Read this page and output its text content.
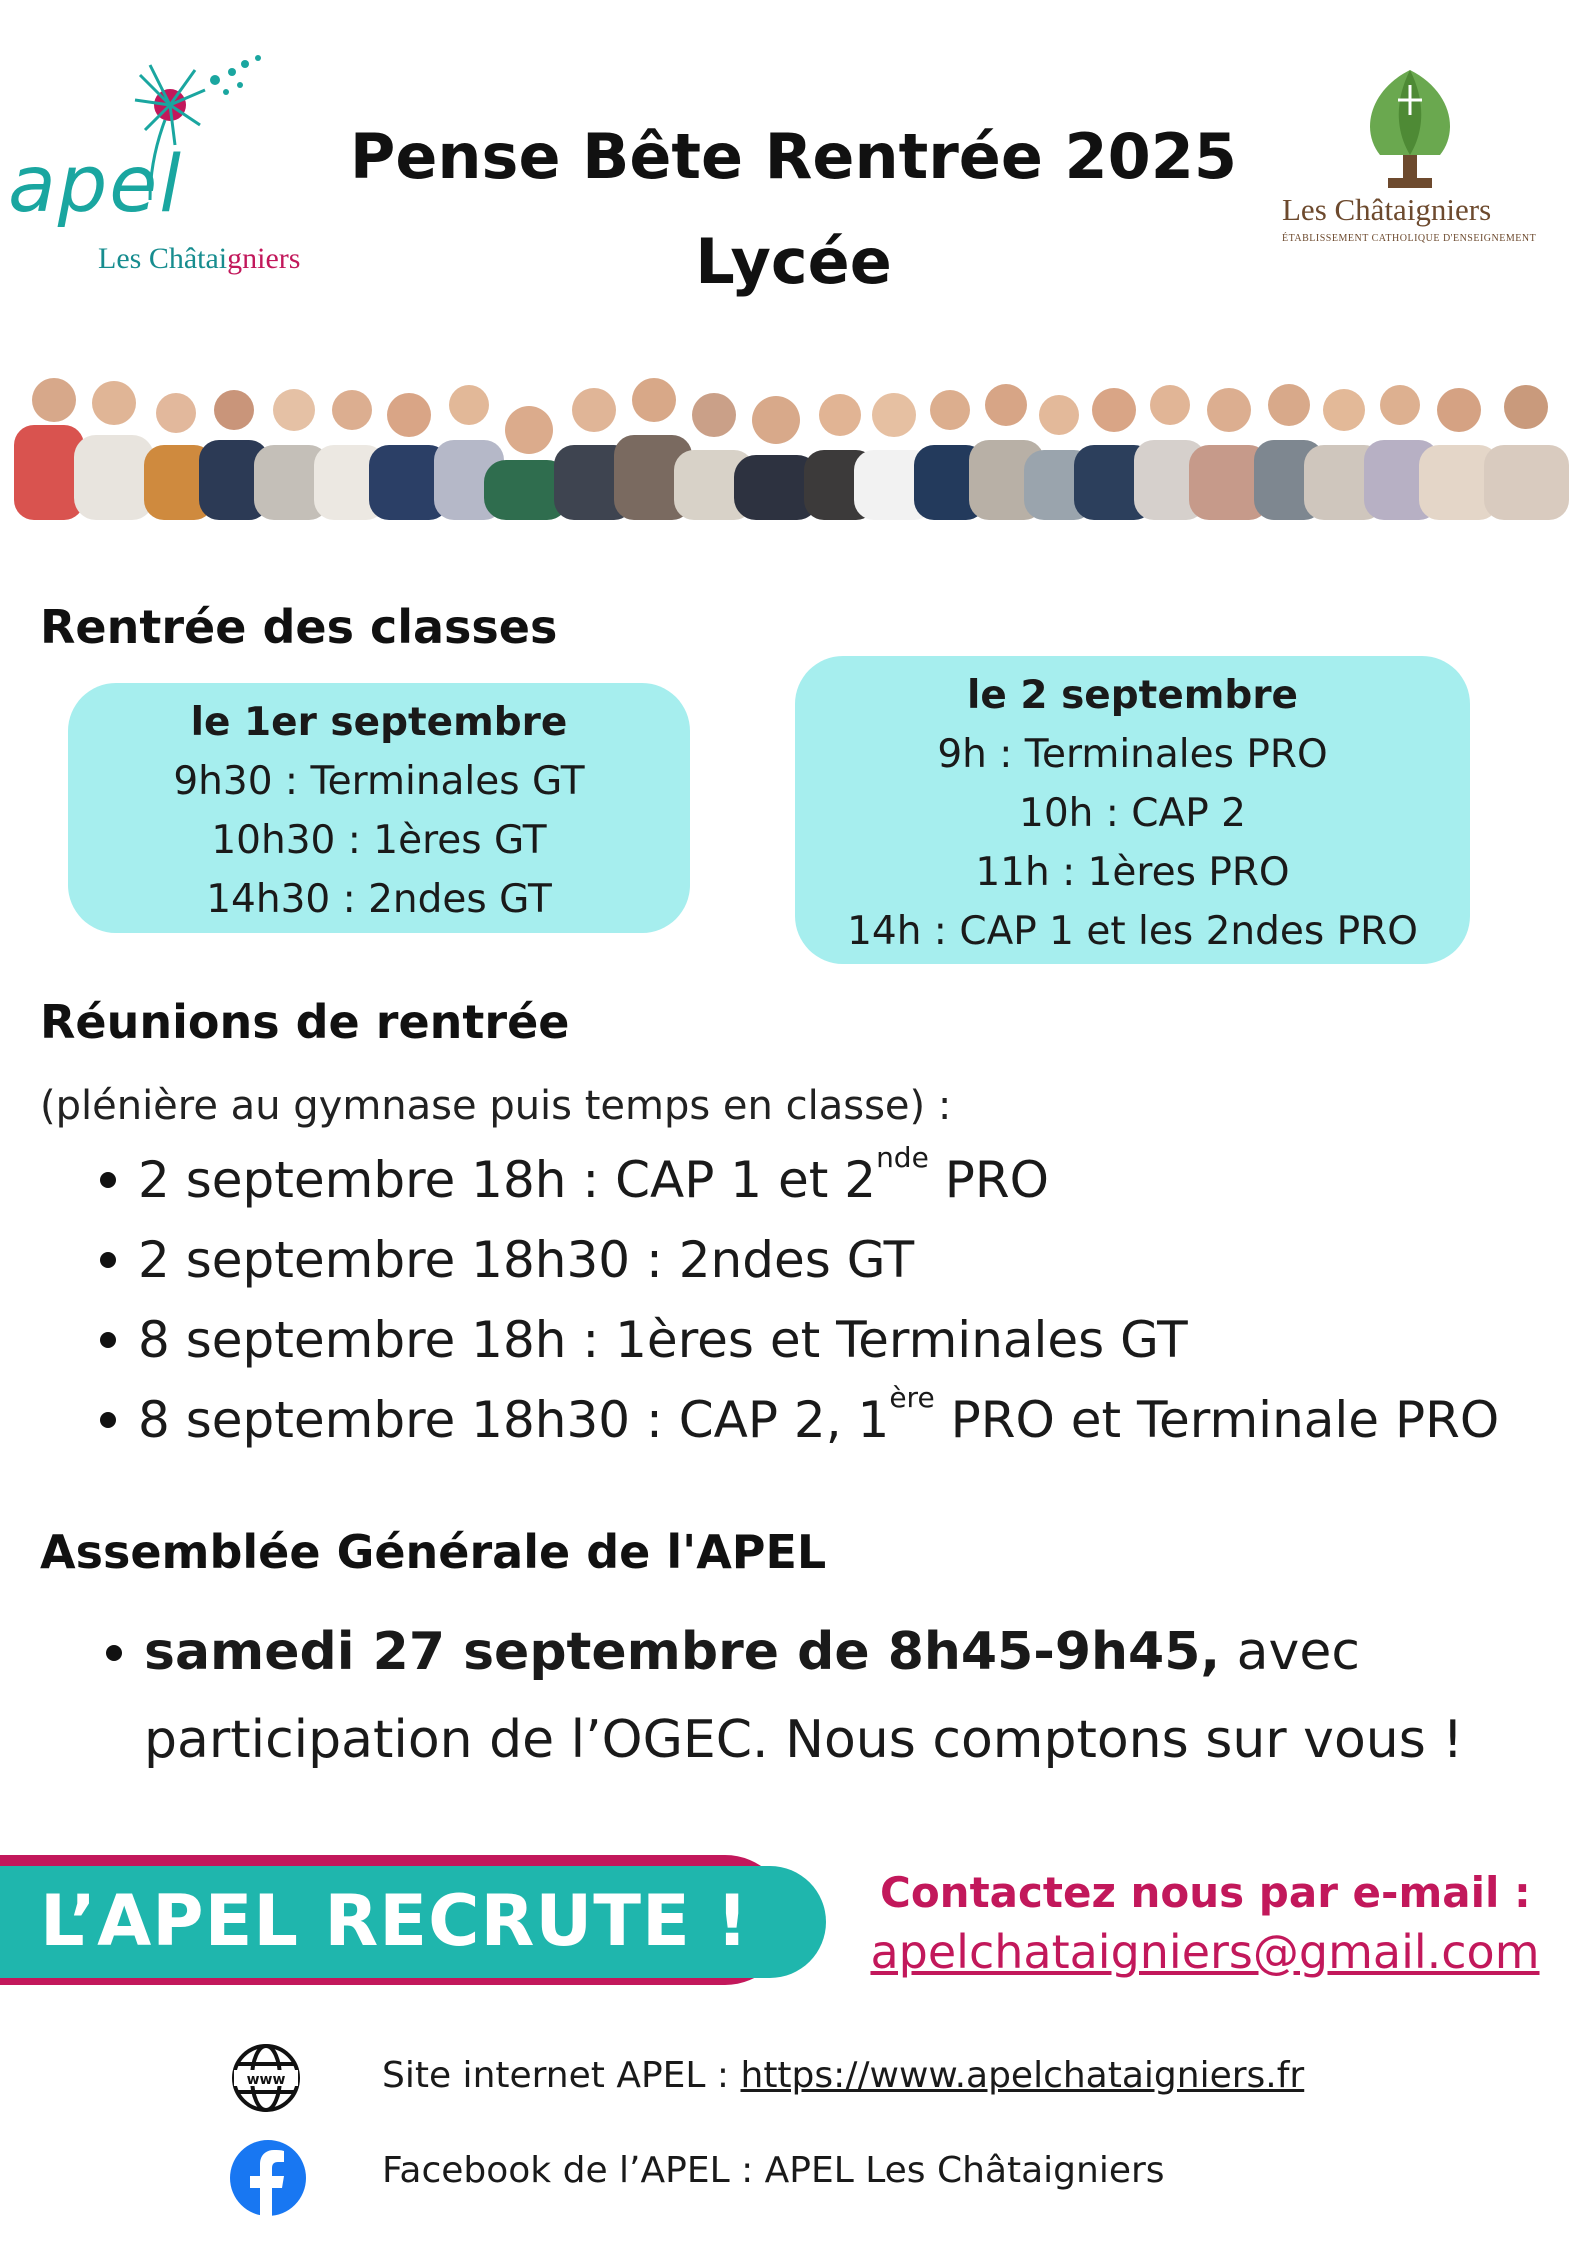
apel
Les Châtaigniers
Pense Bête Rentrée 2025
Lycée
Les Châtaigniers
ÉTABLISSEMENT CATHOLIQUE D'ENSEIGNEMENT
Rentrée des classes
le 1er septembre
9h30 : Terminales GT
10h30 : 1ères GT
14h30 : 2ndes GT
le 2 septembre
9h : Terminales PRO
10h : CAP 2
11h : 1ères PRO
14h : CAP 1 et les 2ndes PRO
Réunions de rentrée
(plénière au gymnase puis temps en classe) :
2 septembre 18h : CAP 1 et 2nde PRO
2 septembre 18h30 : 2ndes GT
8 septembre 18h : 1ères et Terminales GT
8 septembre 18h30 : CAP 2, 1ère PRO et Terminale PRO
Assemblée Générale de l'APEL
samedi 27 septembre de 8h45-9h45, avec
participation de l’OGEC. Nous comptons sur vous !
L’APEL RECRUTE !	Contactez nous par e-mail :
apelchataigniers@gmail.com
www	Site internet APEL : https://www.apelchataigniers.fr
Facebook de l’APEL : APEL Les Châtaigniers
